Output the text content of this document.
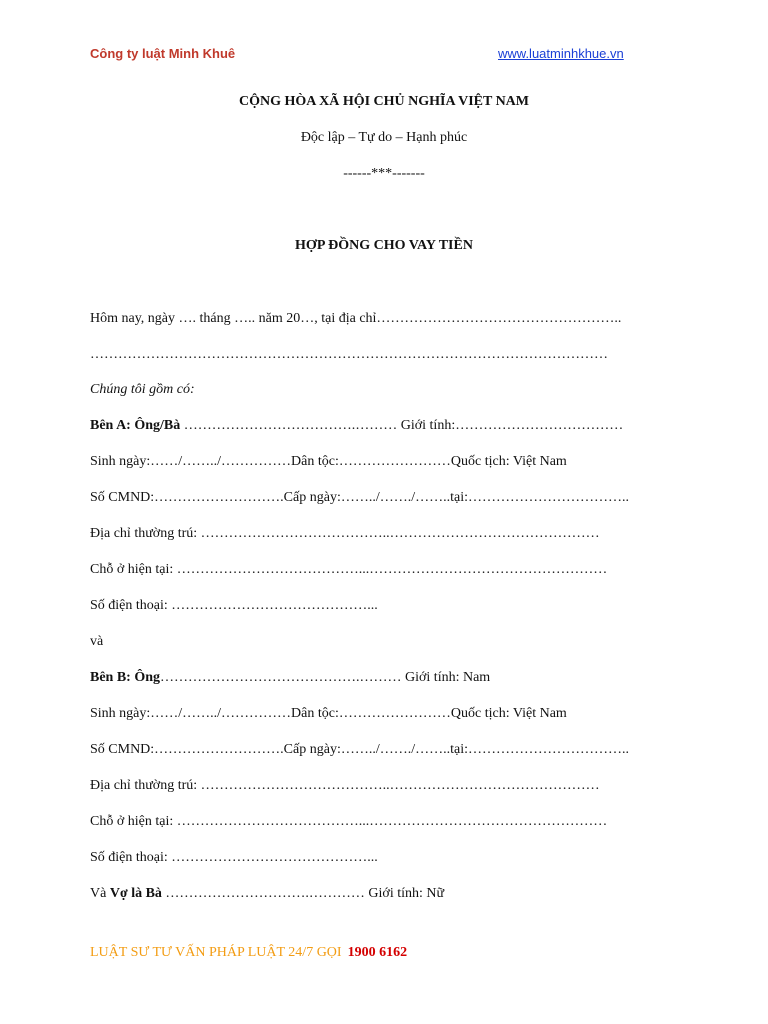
Công ty luật Minh Khuê	www.luatminhkhue.vn
CỘNG HÒA XÃ HỘI CHỦ NGHĨA VIỆT NAM
Độc lập – Tự do – Hạnh phúc
------***-------
HỢP ĐỒNG CHO VAY TIỀN
Hôm nay, ngày …. tháng ….. năm 20…, tại địa chỉ……………………………………………..
…………………………………………………………………………………………………
Chúng tôi gồm có:
Bên A: Ông/Bà ……………………………….……… Giới tính:………………………………
Sinh ngày:……/……../……………Dân tộc:……………………Quốc tịch: Việt Nam
Số CMND:……………………….Cấp ngày:……../……./……..tại:……………………………..
Địa chỉ thường trú: …………………………………..………………………………………
Chỗ ở hiện tại: …………………………………...……………………………………………
Số điện thoại: ……………………………………...
và
Bên B: Ông…………………………………….……… Giới tính: Nam
Sinh ngày:……/……../……………Dân tộc:……………………Quốc tịch: Việt Nam
Số CMND:……………………….Cấp ngày:……../……./……..tại:……………………………..
Địa chỉ thường trú: …………………………………..………………………………………
Chỗ ở hiện tại: …………………………………...……………………………………………
Số điện thoại: ……………………………………...
Và Vợ là Bà ………………………….………… Giới tính: Nữ
LUẬT SƯ TƯ VẤN PHÁP LUẬT 24/7 GỌI 1900 6162
